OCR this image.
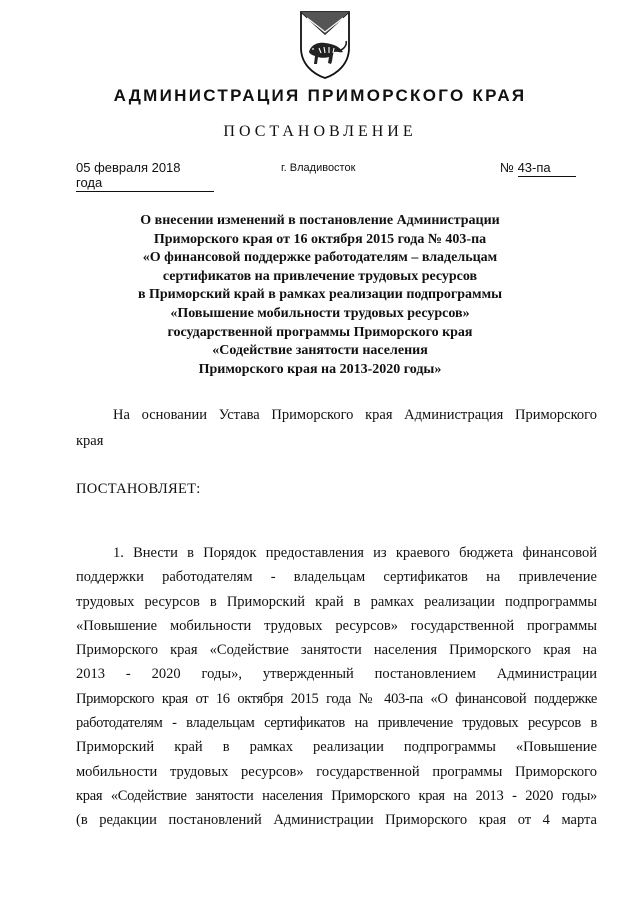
АДМИНИСТРАЦИЯ ПРИМОРСКОГО КРАЯ
ПОСТАНОВЛЕНИЕ
05 февраля 2018 года
г. Владивосток	№ 43-па
О внесении изменений в постановление Администрации
Приморского края от 16 октября 2015 года № 403-па
«О финансовой поддержке работодателям – владельцам
сертификатов на привлечение трудовых ресурсов
в Приморский край в рамках реализации подпрограммы
«Повышение мобильности трудовых ресурсов»
государственной программы Приморского края
«Содействие занятости населения
Приморского края на 2013-2020 годы»
На основании Устава Приморского края Администрация Приморского
края
ПОСТАНОВЛЯЕТ:
1. Внести в Порядок предоставления из краевого бюджета финансовой
поддержки работодателям - владельцам сертификатов на привлечение
трудовых ресурсов в Приморский край в рамках реализации подпрограммы
«Повышение мобильности трудовых ресурсов» государственной программы
Приморского края «Содействие занятости населения Приморского края на
2013 - 2020 годы», утвержденный постановлением Администрации
Приморского края от 16 октября 2015 года № 403-па «О финансовой поддержке
работодателям - владельцам сертификатов на привлечение трудовых ресурсов в
Приморский край в рамках реализации подпрограммы «Повышение
мобильности трудовых ресурсов» государственной программы Приморского
края «Содействие занятости населения Приморского края на 2013 - 2020 годы»
(в редакции постановлений Администрации Приморского края от 4 марта
